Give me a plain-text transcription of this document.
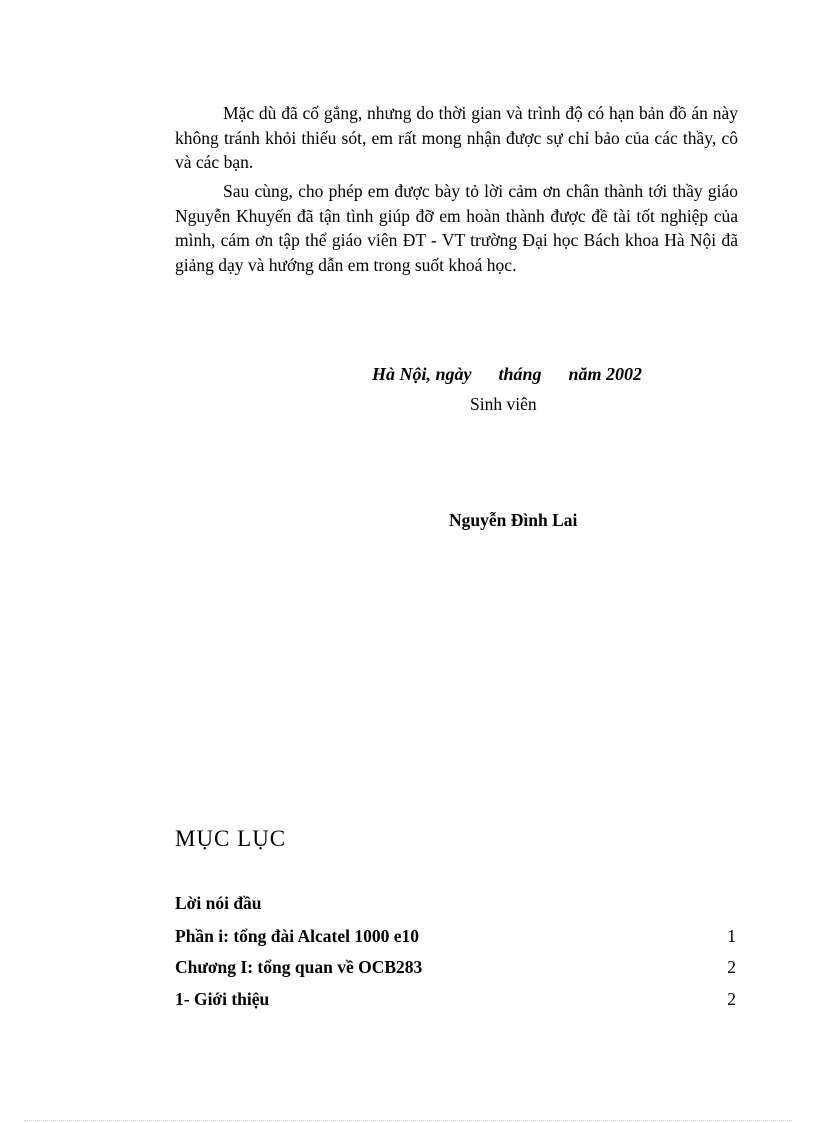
Mặc dù đã cố gắng, nhưng do thời gian và trình độ có hạn bản đồ án này không tránh khỏi thiếu sót, em rất mong nhận được sự chỉ bảo của các thầy, cô và các bạn.

Sau cùng, cho phép em được bày tỏ lời cảm ơn chân thành tới thầy giáo Nguyễn Khuyến đã tận tình giúp đỡ em hoàn thành được đề tài tốt nghiệp của mình, cám ơn tập thể giáo viên ĐT - VT trường Đại học Bách khoa Hà Nội đã giảng dạy và hướng dẫn em trong suốt khoá học.

Hà Nội, ngày      tháng      năm 2002

Sinh viên

Nguyễn Đình Lai

MỤC LỤC
Lời nói đầu
Phần i: tổng đài Alcatel 1000 e10	1
Chương I: tổng quan về OCB283	2
1- Giới thiệu	2
